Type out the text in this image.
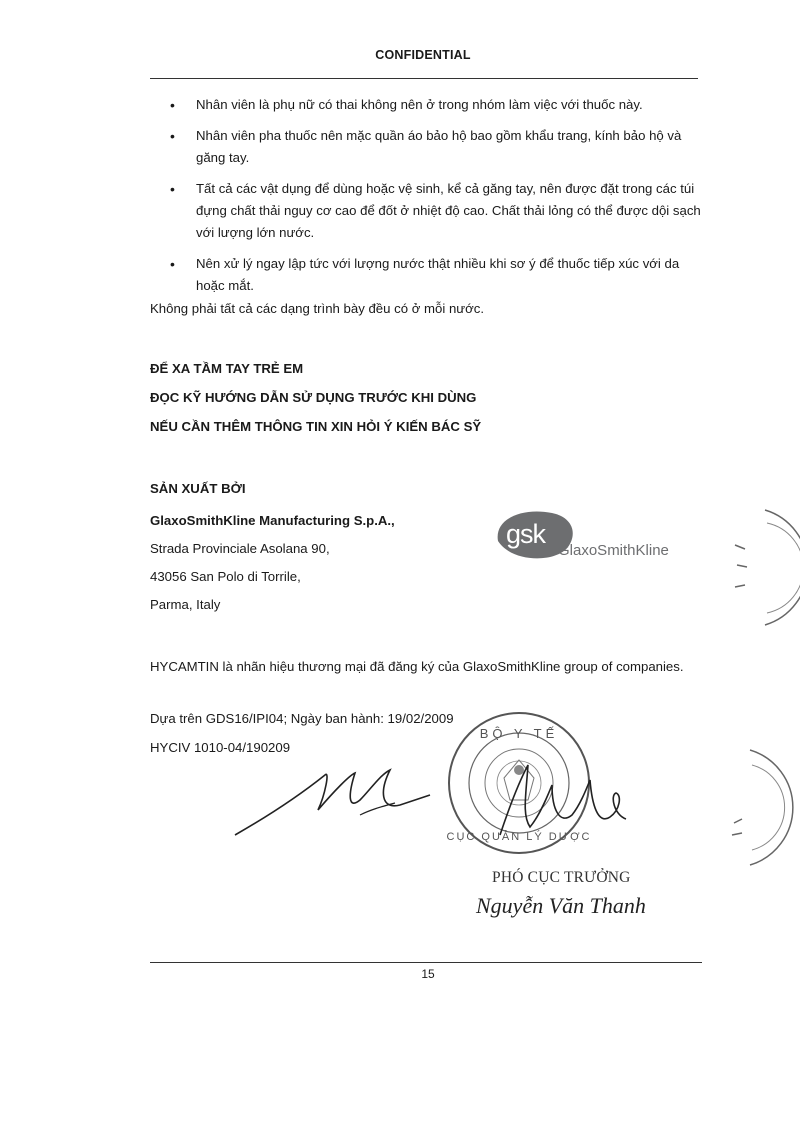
CONFIDENTIAL
• Nhân viên là phụ nữ có thai không nên ở trong nhóm làm việc với thuốc này.
• Nhân viên pha thuốc nên mặc quần áo bảo hộ bao gồm khẩu trang, kính bảo hộ và găng tay.
• Tất cả các vật dụng để dùng hoặc vệ sinh, kể cả găng tay, nên được đặt trong các túi đựng chất thải nguy cơ cao để đốt ở nhiệt độ cao. Chất thải lỏng có thể được dội sạch với lượng lớn nước.
• Nên xử lý ngay lập tức với lượng nước thật nhiều khi sơ ý để thuốc tiếp xúc với da hoặc mắt.
Không phải tất cả các dạng trình bày đều có ở mỗi nước.
ĐỂ XA TẦM TAY TRẺ EM
ĐỌC KỸ HƯỚNG DẪN SỬ DỤNG TRƯỚC KHI DÙNG
NẾU CẦN THÊM THÔNG TIN XIN HỎI Ý KIẾN BÁC SỸ
SẢN XUẤT BỞI
GlaxoSmithKline Manufacturing S.p.A.,
Strada Provinciale Asolana 90,
43056 San Polo di Torrile,
Parma, Italy
gsk
GlaxoSmithKline
HYCAMTIN là nhãn hiệu thương mại đã đăng ký của GlaxoSmithKline group of companies.
Dựa trên GDS16/IPI04; Ngày ban hành: 19/02/2009
HYCIV 1010-04/190209
BỘ Y TẾ
CỤC QUẢN LÝ DƯỢC
PHÓ CỤC TRƯỞNG
Nguyễn Văn Thanh
15
